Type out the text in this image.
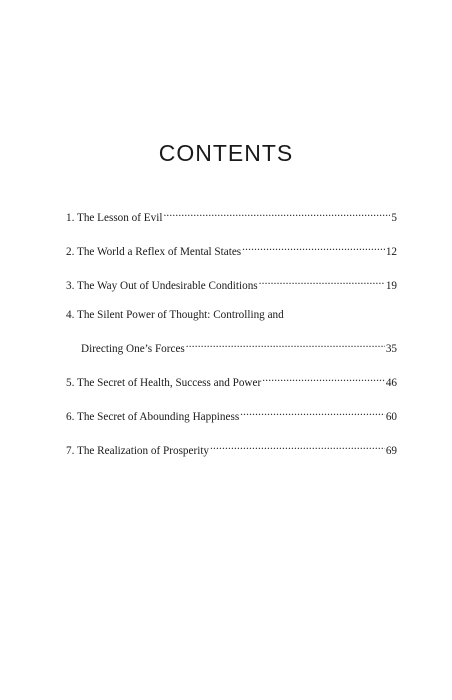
CONTENTS
1. The Lesson of Evil .....	5
2. The World a Reflex of Mental States .....	12
3. The Way Out of Undesirable Conditions .....	19
4. The Silent Power of Thought: Controlling and
Directing One’s Forces .....	35
5. The Secret of Health, Success and Power .....	46
6. The Secret of Abounding Happiness .....	60
7. The Realization of Prosperity .....	69
